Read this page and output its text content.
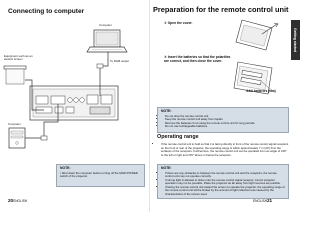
Connecting to computer
Computer
To RGB output
Equipment such as an electric screen
Computer
NOTE:
• Shut down the computer before turning off the MAIN POWER switch of the projector.
20ENGLISH
Preparation for the remote control unit
① Open the cover.
② Insert the batteries so that the polarities are correct, and then close the cover.
AAA batteries (two)
NOTE:
• Do not drop the remote control unit.
• Keep the remote control unit away from liquids.
• Remove the batteries if not using the remote control unit for long periods.
• Do not use rechargeable batteries.
Operating range
• If the remote control unit is held so that it is facing directly in front of the remote control signal receptors on the front or rear of the projector, the operating range is within approximately 7 m (23′) from the surfaces of the receptors. Furthermore, the remote control unit can be operated from an angle of ±30° to the left or right and ±15° above or below the receptors.
NOTE:
• If there are any obstacles in between the remote control unit and the receptors, the remote control unit may not operate correctly.
• If strong light is allowed to shine onto the remote control signal receptor, correct projector operation may not be possible. Place the projector as far away from light sources as possible.
• If facing the remote control unit toward the screen to operate the projector, the operating range of the remote control unit will be limited by the amount of light reflection loss caused by the characteristics of the screen used.
Getting started
ENGLISH21
